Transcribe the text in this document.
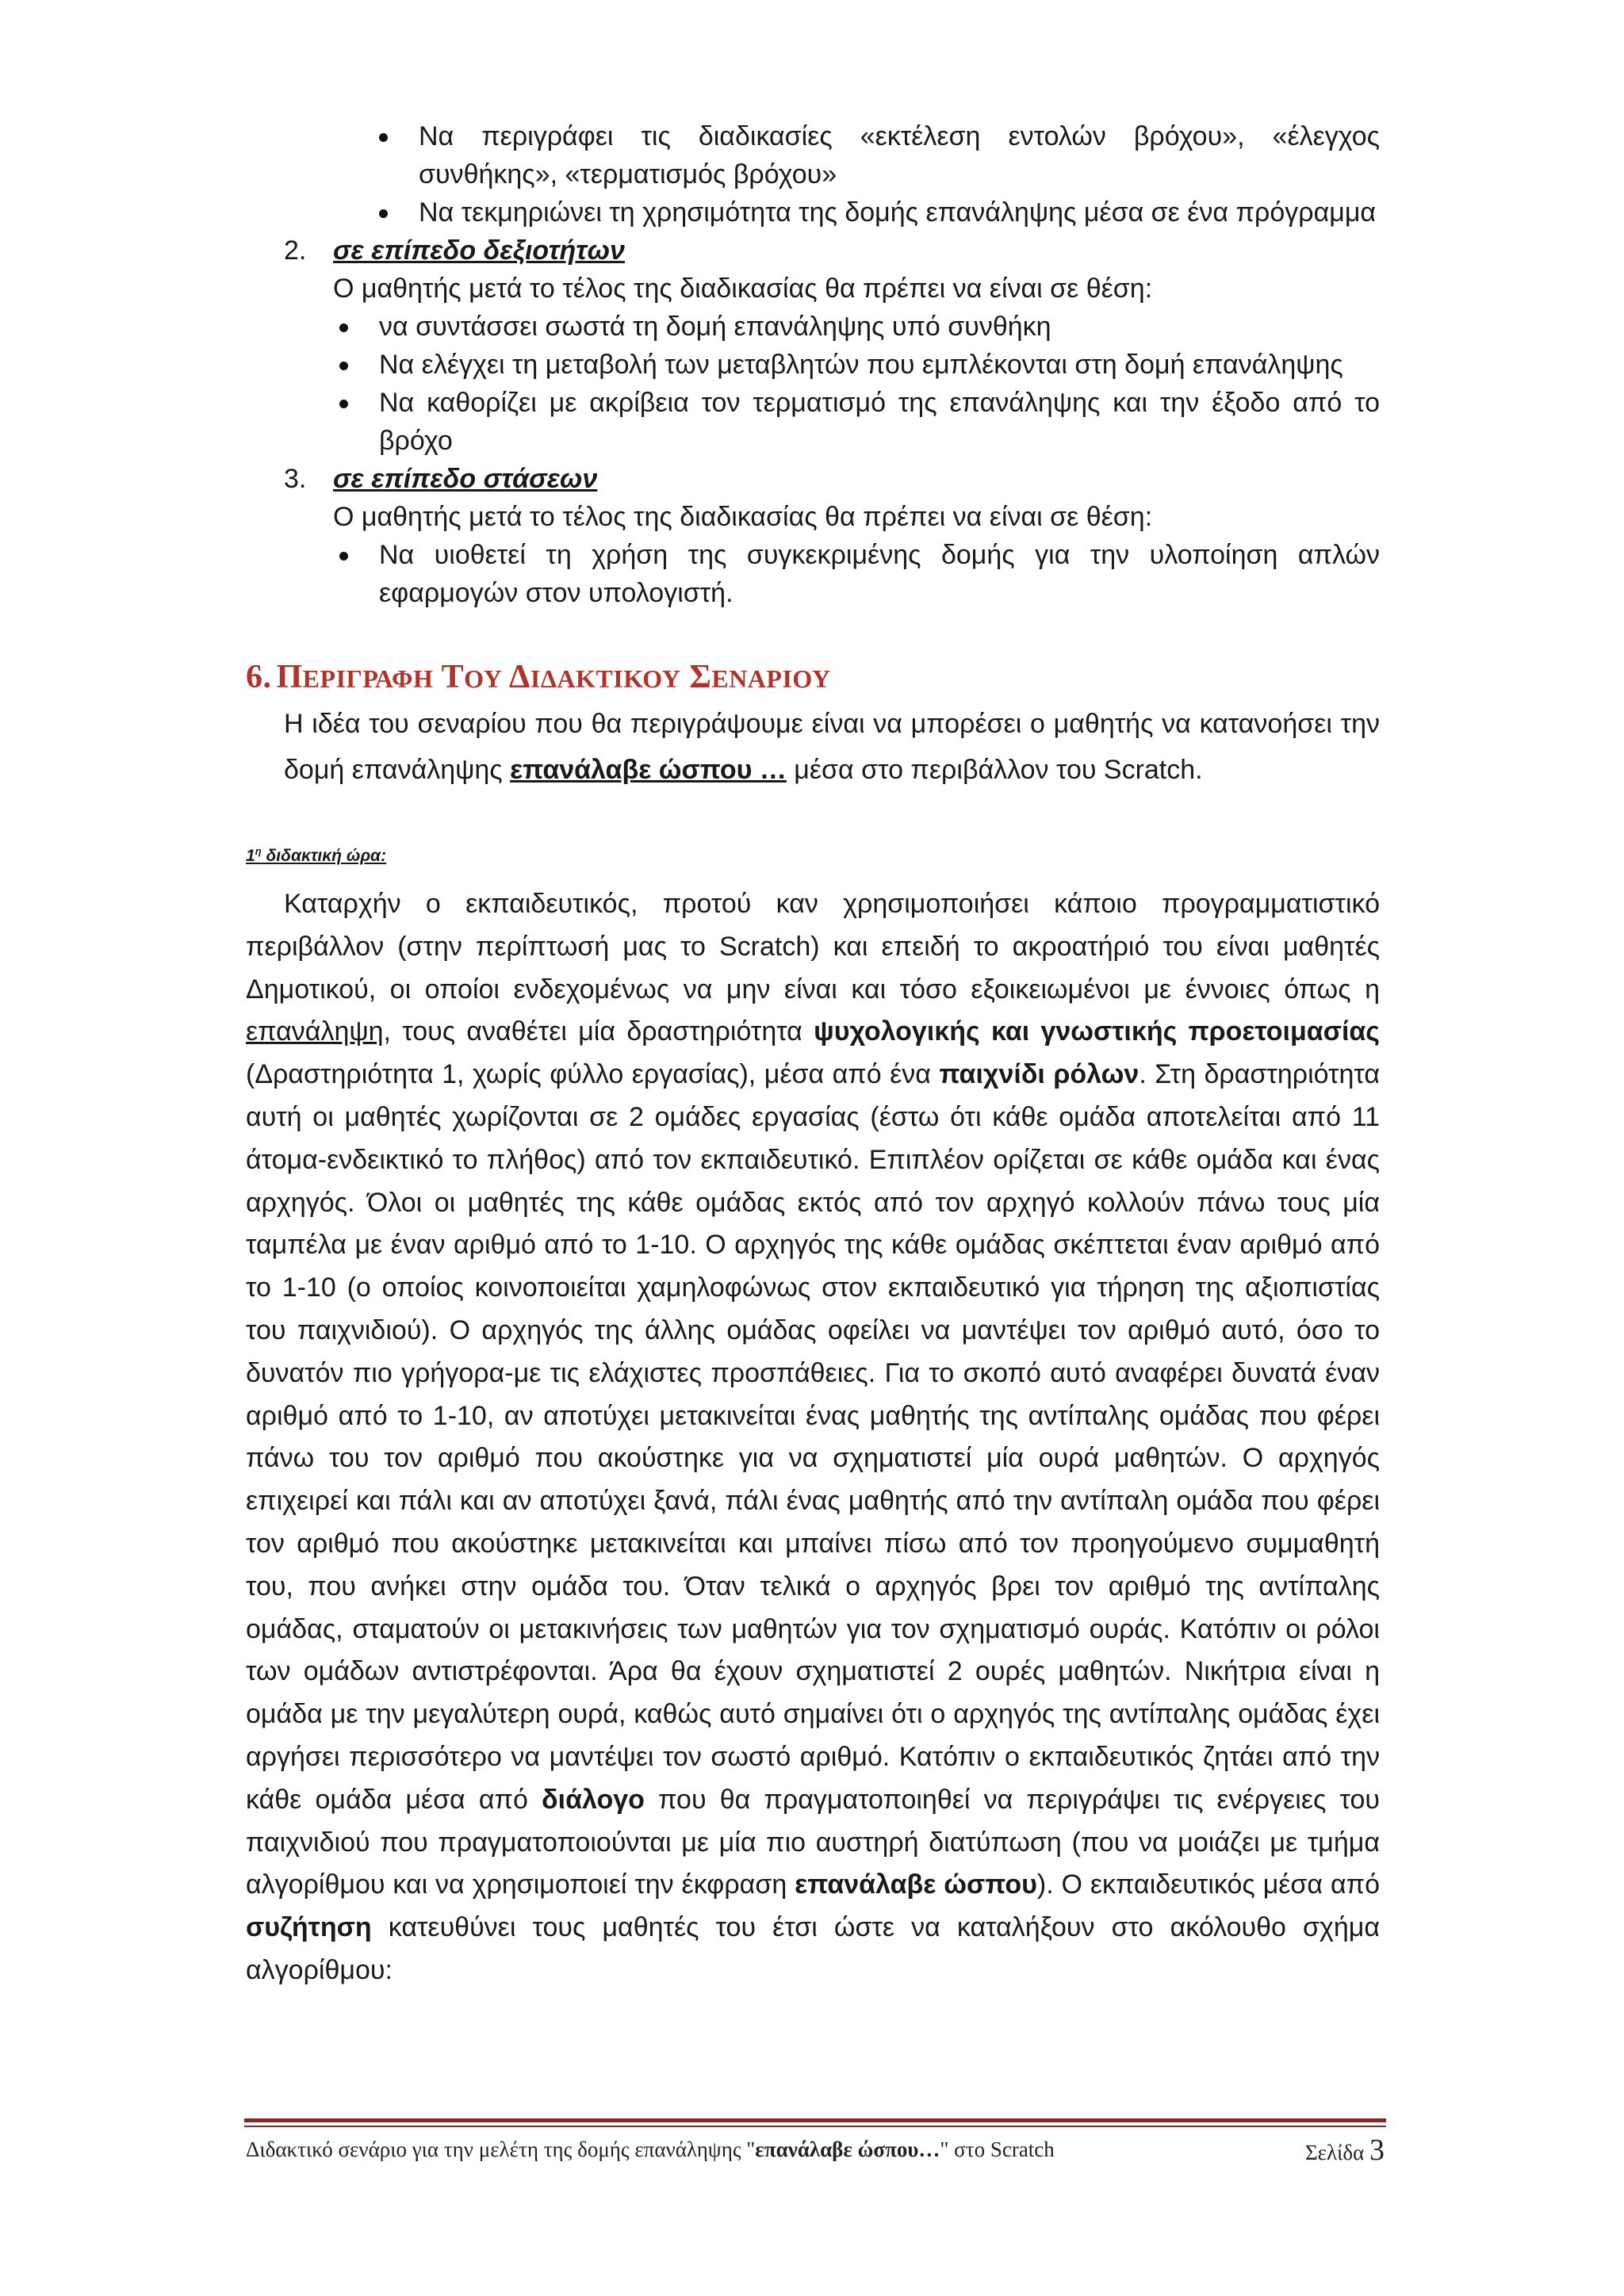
Να περιγράφει τις διαδικασίες «εκτέλεση εντολών βρόχου», «έλεγχος συνθήκης», «τερματισμός βρόχου»
Να τεκμηριώνει τη χρησιμότητα της δομής επανάληψης μέσα σε ένα πρόγραμμα
2. σε επίπεδο δεξιοτήτων
Ο μαθητής μετά το τέλος της διαδικασίας θα πρέπει να είναι σε θέση:
να συντάσσει σωστά τη δομή επανάληψης υπό συνθήκη
Να ελέγχει τη μεταβολή των μεταβλητών που εμπλέκονται στη δομή επανάληψης
Να καθορίζει με ακρίβεια τον τερματισμό της επανάληψης και την έξοδο από το βρόχο
3. σε επίπεδο στάσεων
Ο μαθητής μετά το τέλος της διαδικασίας θα πρέπει να είναι σε θέση:
Να υιοθετεί τη χρήση της συγκεκριμένης δομής για την υλοποίηση απλών εφαρμογών στον υπολογιστή.
6. ΠΕΡΙΓΡΑΦΗ ΤΟΥ ΔΙΔΑΚΤΙΚΟΥ ΣΕΝΑΡΙΟΥ

Η ιδέα του σεναρίου που θα περιγράψουμε είναι να μπορέσει ο μαθητής να κατανοήσει την δομή επανάληψης επανάλαβε ώσπου … μέσα στο περιβάλλον του Scratch.

$1^\eta$ διδακτική ώρα:

Καταρχήν ο εκπαιδευτικός, προτού καν χρησιμοποιήσει κάποιο προγραμματιστικό περιβάλλον (στην περίπτωσή μας το Scratch) και επειδή το ακροατήριό του είναι μαθητές Δημοτικού, οι οποίοι ενδεχομένως να μην είναι και τόσο εξοικειωμένοι με έννοιες όπως η επανάληψη, τους αναθέτει μία δραστηριότητα ψυχολογικής και γνωστικής προετοιμασίας (Δραστηριότητα 1, χωρίς φύλλο εργασίας), μέσα από ένα παιχνίδι ρόλων. Στη δραστηριότητα αυτή οι μαθητές χωρίζονται σε 2 ομάδες εργασίας (έστω ότι κάθε ομάδα αποτελείται από 11 άτομα-ενδεικτικό το πλήθος) από τον εκπαιδευτικό. Επιπλέον ορίζεται σε κάθε ομάδα και ένας αρχηγός. Όλοι οι μαθητές της κάθε ομάδας εκτός από τον αρχηγό κολλούν πάνω τους μία ταμπέλα με έναν αριθμό από το 1-10. Ο αρχηγός της κάθε ομάδας σκέπτεται έναν αριθμό από το 1-10 (ο οποίος κοινοποιείται χαμηλοφώνως στον εκπαιδευτικό για τήρηση της αξιοπιστίας του παιχνιδιού). Ο αρχηγός της άλλης ομάδας οφείλει να μαντέψει τον αριθμό αυτό, όσο το δυνατόν πιο γρήγορα-με τις ελάχιστες προσπάθειες. Για το σκοπό αυτό αναφέρει δυνατά έναν αριθμό από το 1-10, αν αποτύχει μετακινείται ένας μαθητής της αντίπαλης ομάδας που φέρει πάνω του τον αριθμό που ακούστηκε για να σχηματιστεί μία ουρά μαθητών. Ο αρχηγός επιχειρεί και πάλι και αν αποτύχει ξανά, πάλι ένας μαθητής από την αντίπαλη ομάδα που φέρει τον αριθμό που ακούστηκε μετακινείται και μπαίνει πίσω από τον προηγούμενο συμμαθητή του, που ανήκει στην ομάδα του. Όταν τελικά ο αρχηγός βρει τον αριθμό της αντίπαλης ομάδας, σταματούν οι μετακινήσεις των μαθητών για τον σχηματισμό ουράς. Κατόπιν οι ρόλοι των ομάδων αντιστρέφονται. Άρα θα έχουν σχηματιστεί 2 ουρές μαθητών. Νικήτρια είναι η ομάδα με την μεγαλύτερη ουρά, καθώς αυτό σημαίνει ότι ο αρχηγός της αντίπαλης ομάδας έχει αργήσει περισσότερο να μαντέψει τον σωστό αριθμό. Κατόπιν ο εκπαιδευτικός ζητάει από την κάθε ομάδα μέσα από διάλογο που θα πραγματοποιηθεί να περιγράψει τις ενέργειες του παιχνιδιού που πραγματοποιούνται με μία πιο αυστηρή διατύπωση (που να μοιάζει με τμήμα αλγορίθμου και να χρησιμοποιεί την έκφραση επανάλαβε ώσπου). Ο εκπαιδευτικός μέσα από συζήτηση κατευθύνει τους μαθητές του έτσι ώστε να καταλήξουν στο ακόλουθο σχήμα αλγορίθμου:

Διδακτικό σενάριο για την μελέτη της δομής επανάληψης "επανάλαβε ώσπου…" στο Scratch	Σελίδα 3
